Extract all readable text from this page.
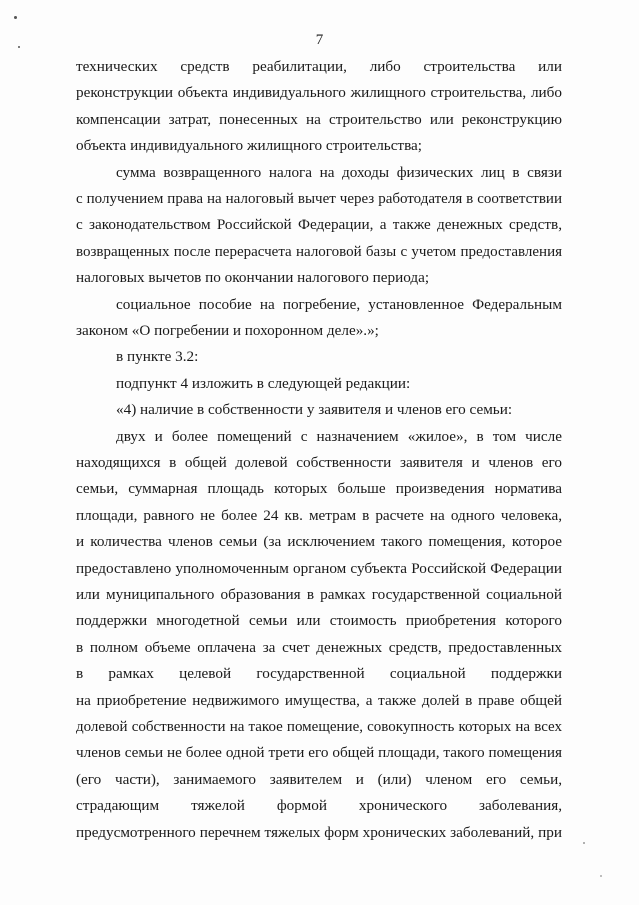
7
технических средств реабилитации, либо строительства или
реконструкции объекта индивидуального жилищного строительства, либо
компенсации затрат, понесенных на строительство или реконструкцию
объекта индивидуального жилищного строительства;
сумма возвращенного налога на доходы физических лиц в связи
с получением права на налоговый вычет через работодателя в соответствии
с законодательством Российской Федерации, а также денежных средств,
возвращенных после перерасчета налоговой базы с учетом предоставления
налоговых вычетов по окончании налогового периода;
социальное пособие на погребение, установленное Федеральным
законом «О погребении и похоронном деле».»;
в пункте 3.2:
подпункт 4 изложить в следующей редакции:
«4) наличие в собственности у заявителя и членов его семьи:
двух и более помещений с назначением «жилое», в том числе
находящихся в общей долевой собственности заявителя и членов его
семьи, суммарная площадь которых больше произведения норматива
площади, равного не более 24 кв. метрам в расчете на одного человека,
и количества членов семьи (за исключением такого помещения, которое
предоставлено уполномоченным органом субъекта Российской Федерации
или муниципального образования в рамках государственной социальной
поддержки многодетной семьи или стоимость приобретения которого
в полном объеме оплачена за счет денежных средств, предоставленных
в рамках целевой государственной социальной поддержки
на приобретение недвижимого имущества, а также долей в праве общей
долевой собственности на такое помещение, совокупность которых на всех
членов семьи не более одной трети его общей площади, такого помещения
(его части), занимаемого заявителем и (или) членом его семьи,
страдающим тяжелой формой хронического заболевания,
предусмотренного перечнем тяжелых форм хронических заболеваний, при
